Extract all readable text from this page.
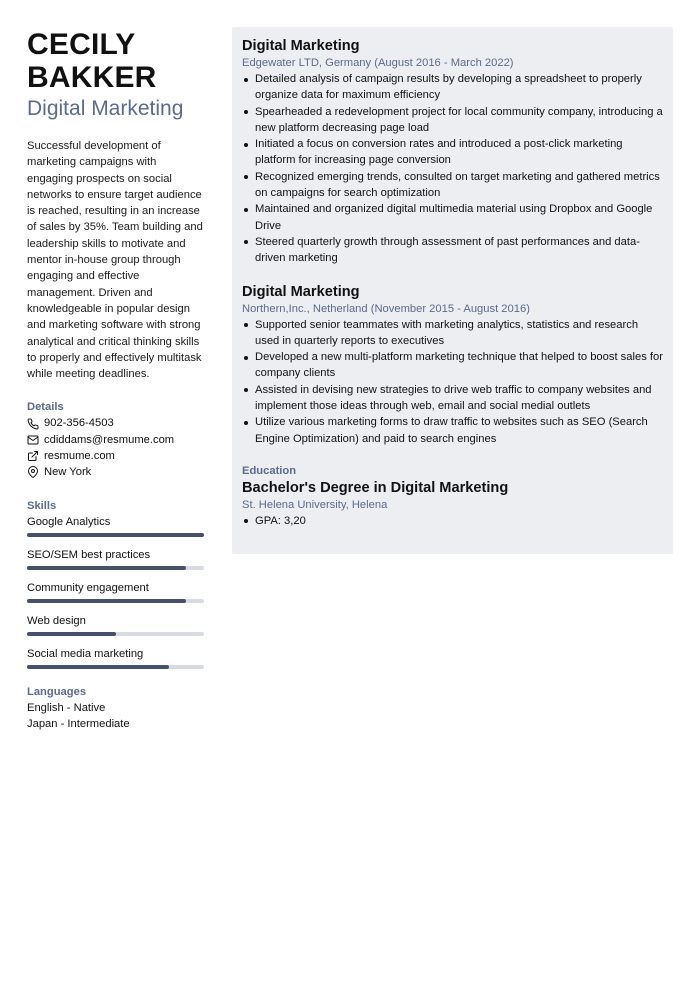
CECILY
BAKKER
Digital Marketing
Successful development of marketing campaigns with engaging prospects on social networks to ensure target audience is reached, resulting in an increase of sales by 35%. Team building and leadership skills to motivate and mentor in-house group through engaging and effective management. Driven and knowledgeable in popular design and marketing software with strong analytical and critical thinking skills to properly and effectively multitask while meeting deadlines.
Details
902-356-4503
cdiddams@resmume.com
resmume.com
New York
Skills
Google Analytics
SEO/SEM best practices
Community engagement
Web design
Social media marketing
Languages
English - Native
Japan - Intermediate
Digital Marketing
Edgewater LTD, Germany (August 2016 - March 2022)
Detailed analysis of campaign results by developing a spreadsheet to properly organize data for maximum efficiency
Spearheaded a redevelopment project for local community company, introducing a new platform decreasing page load
Initiated a focus on conversion rates and introduced a post-click marketing platform for increasing page conversion
Recognized emerging trends, consulted on target marketing and gathered metrics on campaigns for search optimization
Maintained and organized digital multimedia material using Dropbox and Google Drive
Steered quarterly growth through assessment of past performances and data-driven marketing
Digital Marketing
Northern,Inc., Netherland (November 2015 - August 2016)
Supported senior teammates with marketing analytics, statistics and research used in quarterly reports to executives
Developed a new multi-platform marketing technique that helped to boost sales for company clients
Assisted in devising new strategies to drive web traffic to company websites and implement those ideas through web, email and social medial outlets
Utilize various marketing forms to draw traffic to websites such as SEO (Search Engine Optimization) and paid to search engines
Education
Bachelor's Degree in Digital Marketing
St. Helena University, Helena
GPA: 3,20
